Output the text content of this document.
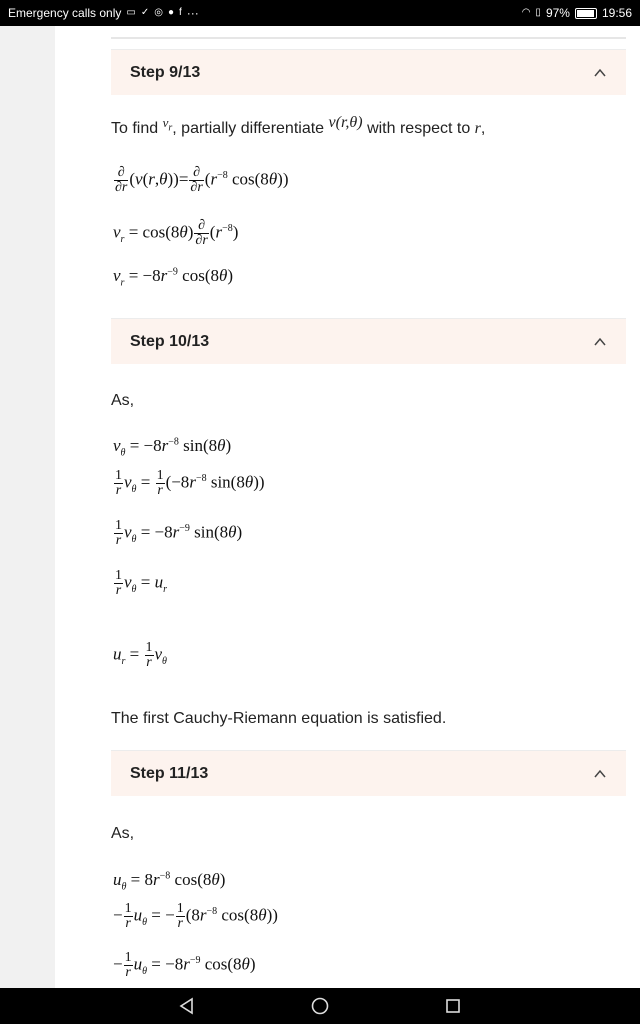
Emergency calls only ▭ ✓ ◎ ● f ···	◠ ▯ 97%	19:56
Step 9/13
To find $^{v_r}$, partially differentiate v(r,θ) with respect to r,
$\frac{\partial}{\partial r} (v(r,\theta))= \frac{\partial}{\partial r} (r^{-8}$ cos(8θ))
$v_r = \cos(8\theta) \frac{\partial}{\partial r} (r^{-8})$
$v_r = -8r^{-9}$ cos(8θ)
Step 10/13
As,
$v_\theta = -8r^{-8}$ sin(8θ)
$\frac{1}{r} v_\theta = \frac{1}{r} (-8r^{-8}$ sin(8θ))
$\frac{1}{r} v_\theta = -8r^{-9}$ sin(8θ)
$\frac{1}{r} v_\theta = u_r$
$u_r = \frac{1}{r} v_\theta$
The first Cauchy-Riemann equation is satisfied.
Step 11/13
As,
$u_\theta = 8r^{-8}$ cos(8θ)
− $\frac{1}{r} u_\theta$ = − $\frac{1}{r} (8r^{-8}$ cos(8θ))
− $\frac{1}{r} u_\theta = -8r^{-9}$ cos(8θ)
